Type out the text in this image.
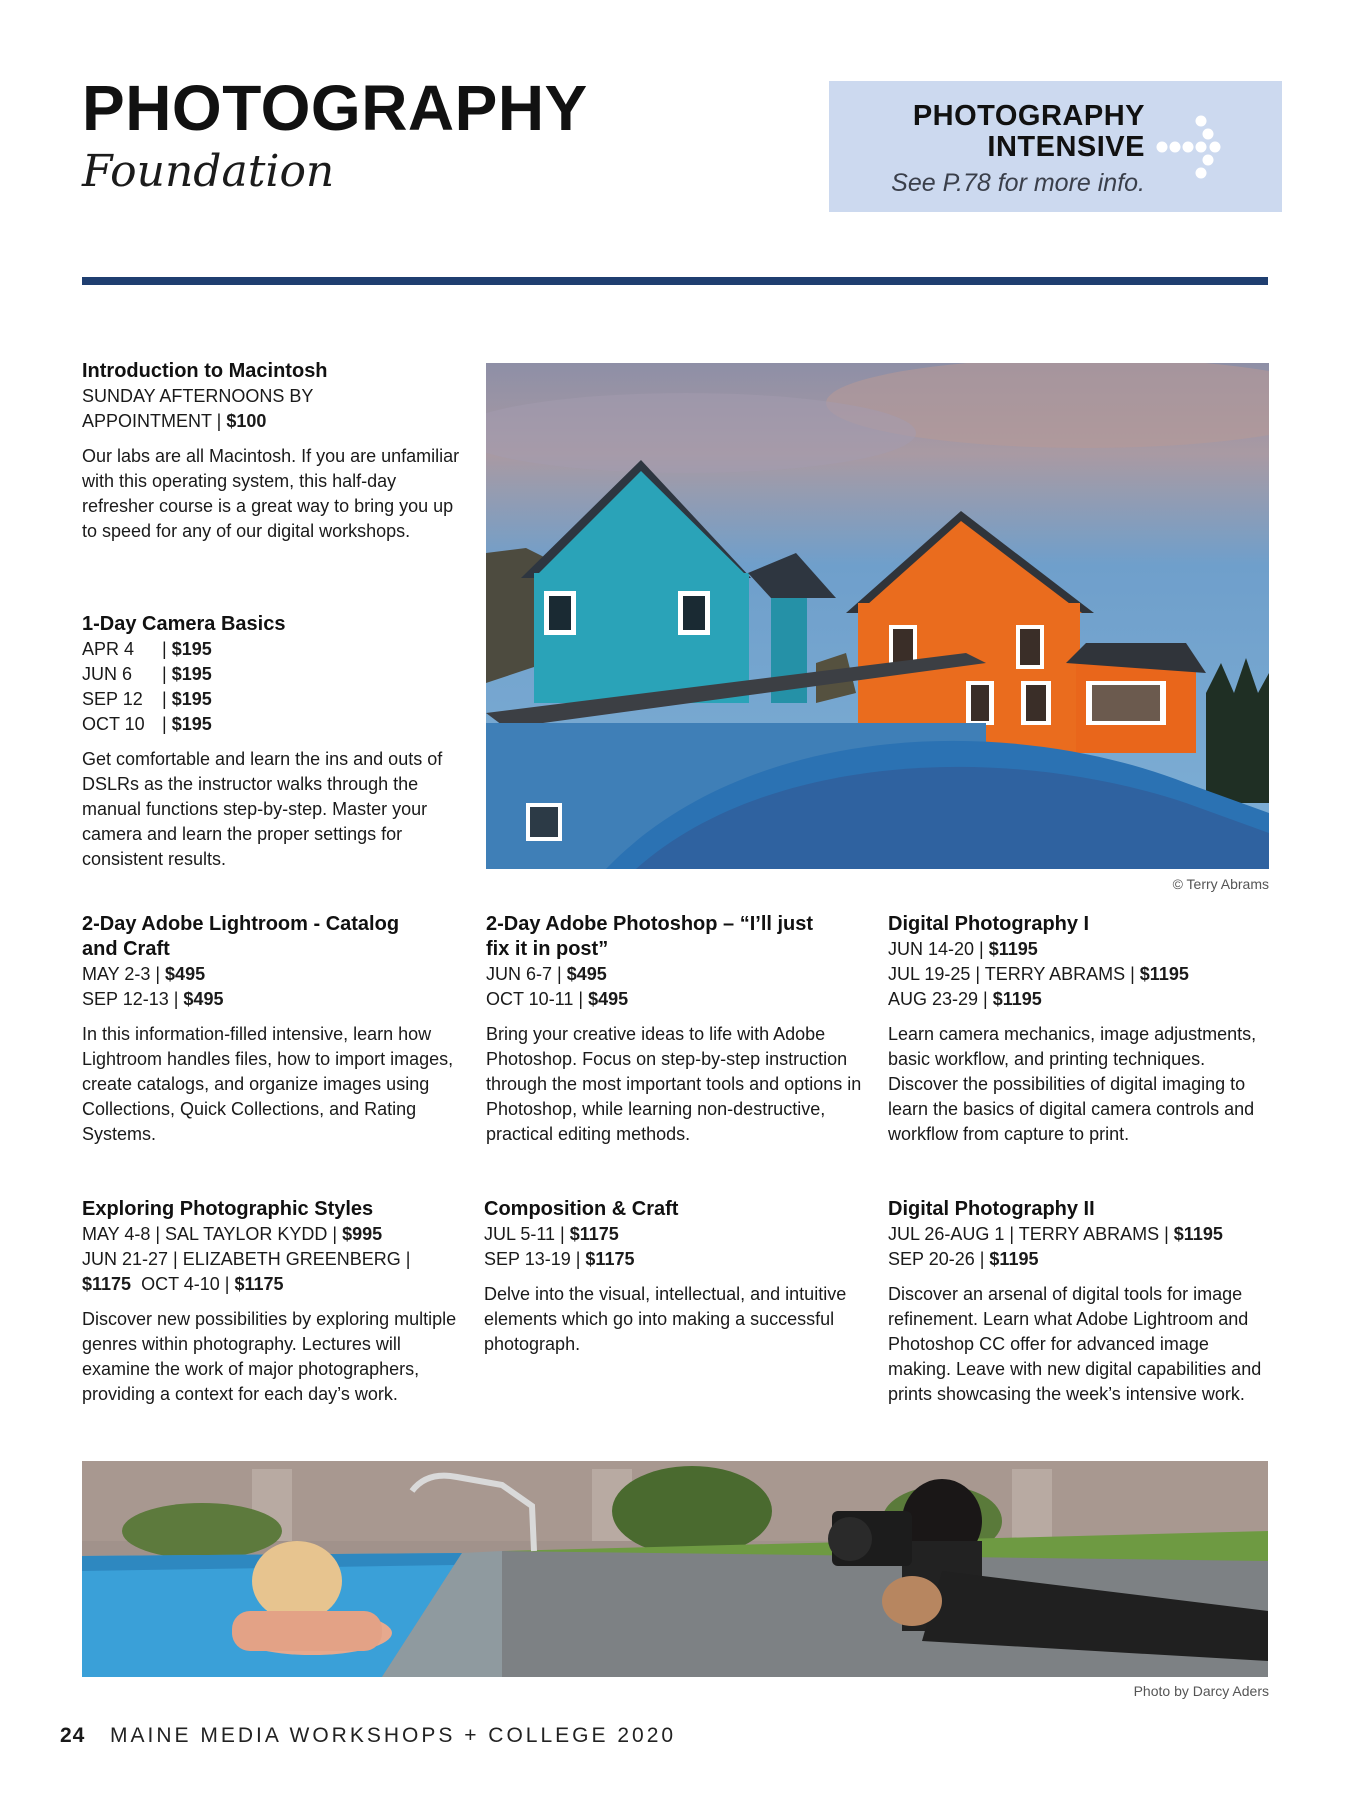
PHOTOGRAPHY
Foundation
PHOTOGRAPHY
INTENSIVE
See P.78 for more info.
Introduction to Macintosh
SUNDAY AFTERNOONS BY
APPOINTMENT | $100
Our labs are all Macintosh. If you are unfamiliar with this operating system, this half-day refresher course is a great way to bring you up to speed for any of our digital workshops.
1-Day Camera Basics
APR 4 | $195
JUN 6 | $195
SEP 12 | $195
OCT 10 | $195
Get comfortable and learn the ins and outs of DSLRs as the instructor walks through the manual functions step-by-step. Master your camera and learn the proper settings for consistent results.
© Terry Abrams
2-Day Adobe Lightroom - Catalog
and Craft
MAY 2-3 | $495
SEP 12-13 | $495
In this information-filled intensive, learn how Lightroom handles files, how to import images, create catalogs, and organize images using Collections, Quick Collections, and Rating Systems.
2-Day Adobe Photoshop – “I’ll just
fix it in post”
JUN 6-7 | $495
OCT 10-11 | $495
Bring your creative ideas to life with Adobe Photoshop. Focus on step-by-step instruction through the most important tools and options in Photoshop, while learning non-destructive, practical editing methods.
Digital Photography I
JUN 14-20 | $1195
JUL 19-25 | TERRY ABRAMS | $1195
AUG 23-29 | $1195
Learn camera mechanics, image adjustments, basic workflow, and printing techniques. Discover the possibilities of digital imaging to learn the basics of digital camera controls and workflow from capture to print.
Exploring Photographic Styles
MAY 4-8 | SAL TAYLOR KYDD | $995
JUN 21-27 | ELIZABETH GREENBERG |
$1175  OCT 4-10 | $1175
Discover new possibilities by exploring multiple genres within photography. Lectures will examine the work of major photographers, providing a context for each day’s work.
Composition & Craft
JUL 5-11 | $1175
SEP 13-19 | $1175
Delve into the visual, intellectual, and intuitive elements which go into making a successful photograph.
Digital Photography II
JUL 26-AUG 1 | TERRY ABRAMS | $1195
SEP 20-26 | $1195
Discover an arsenal of digital tools for image refinement. Learn what Adobe Lightroom and Photoshop CC offer for advanced image making. Leave with new digital capabilities and prints showcasing the week’s intensive work.
Photo by Darcy Aders
24 MAINE MEDIA WORKSHOPS + COLLEGE 2020
